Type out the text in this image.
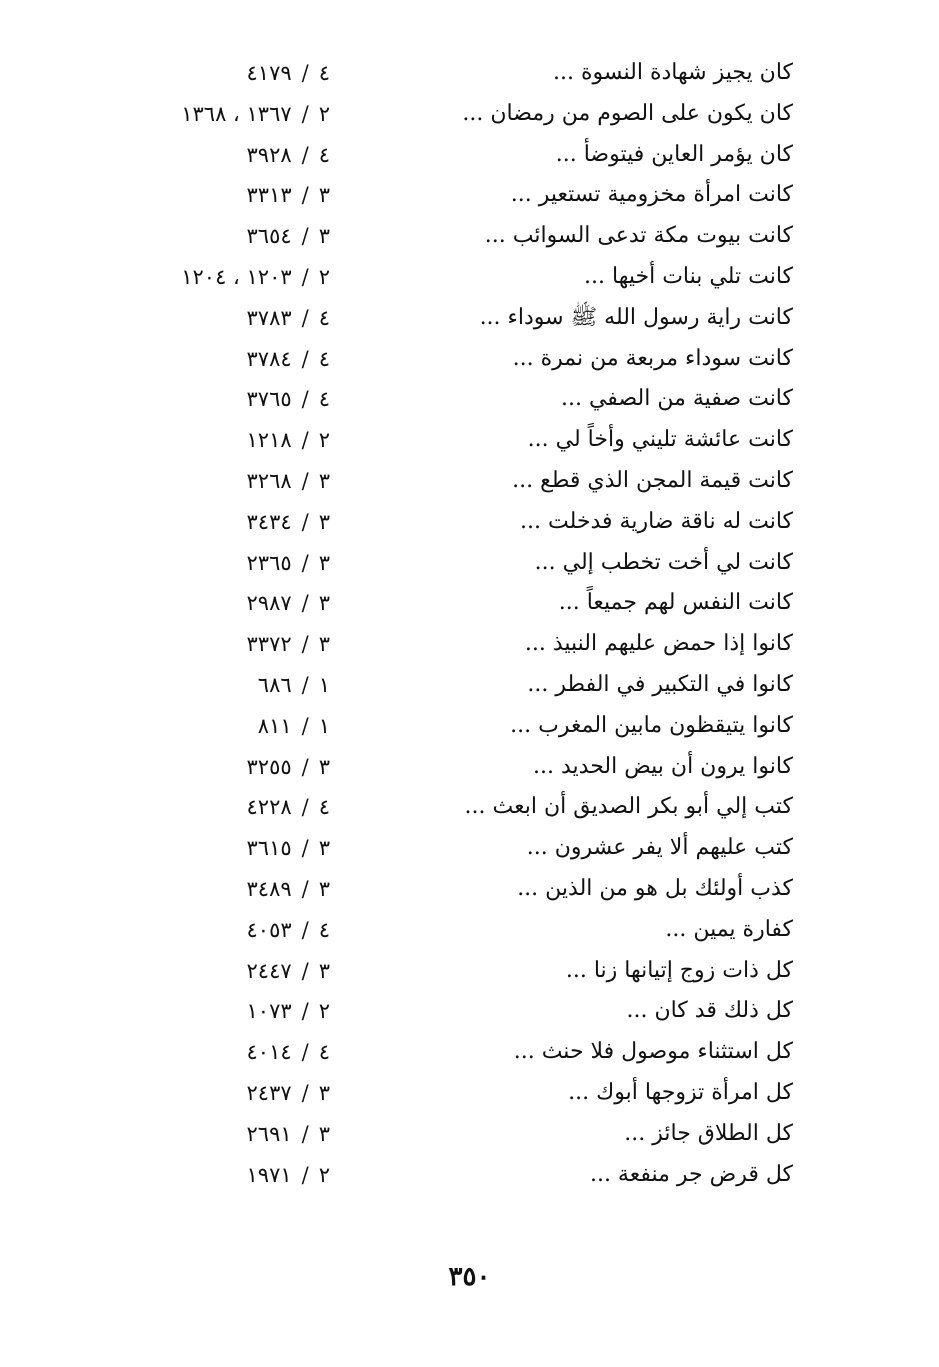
كان يجيز شهادة النسوة ...
٤/٤١٧٩
كان يكون على الصوم من رمضان ...
٢/١٣٦٧ ، ١٣٦٨
كان يؤمر العاين فيتوضأ ...
٤/٣٩٢٨
كانت امرأة مخزومية تستعير ...
٣/٣٣١٣
كانت بيوت مكة تدعى السوائب ...
٣/٣٦٥٤
كانت تلي بنات أخيها ...
٢/١٢٠٣ ، ١٢٠٤
كانت راية رسول الله ﷺ سوداء ...
٤/٣٧٨٣
كانت سوداء مربعة من نمرة ...
٤/٣٧٨٤
كانت صفية من الصفي ...
٤/٣٧٦٥
كانت عائشة تليني وأخاً لي ...
٢/١٢١٨
كانت قيمة المجن الذي قطع ...
٣/٣٢٦٨
كانت له ناقة ضارية فدخلت ...
٣/٣٤٣٤
كانت لي أخت تخطب إلي ...
٣/٢٣٦٥
كانت النفس لهم جميعاً ...
٣/٢٩٨٧
كانوا إذا حمض عليهم النبيذ ...
٣/٣٣٧٢
كانوا في التكبير في الفطر ...
١/٦٨٦
كانوا يتيقظون مابين المغرب ...
١/٨١١
كانوا يرون أن بيض الحديد ...
٣/٣٢٥٥
كتب إلي أبو بكر الصديق أن ابعث ...
٤/٤٢٢٨
كتب عليهم ألا يفر عشرون ...
٣/٣٦١٥
كذب أولئك بل هو من الذين ...
٣/٣٤٨٩
كفارة يمين ...
٤/٤٠٥٣
كل ذات زوج إتيانها زنا ...
٣/٢٤٤٧
كل ذلك قد كان ...
٢/١٠٧٣
كل استثناء موصول فلا حنث ...
٤/٤٠١٤
كل امرأة تزوجها أبوك ...
٣/٢٤٣٧
كل الطلاق جائز ...
٣/٢٦٩١
كل قرض جر منفعة ...
٢/١٩٧١
٣٥٠
